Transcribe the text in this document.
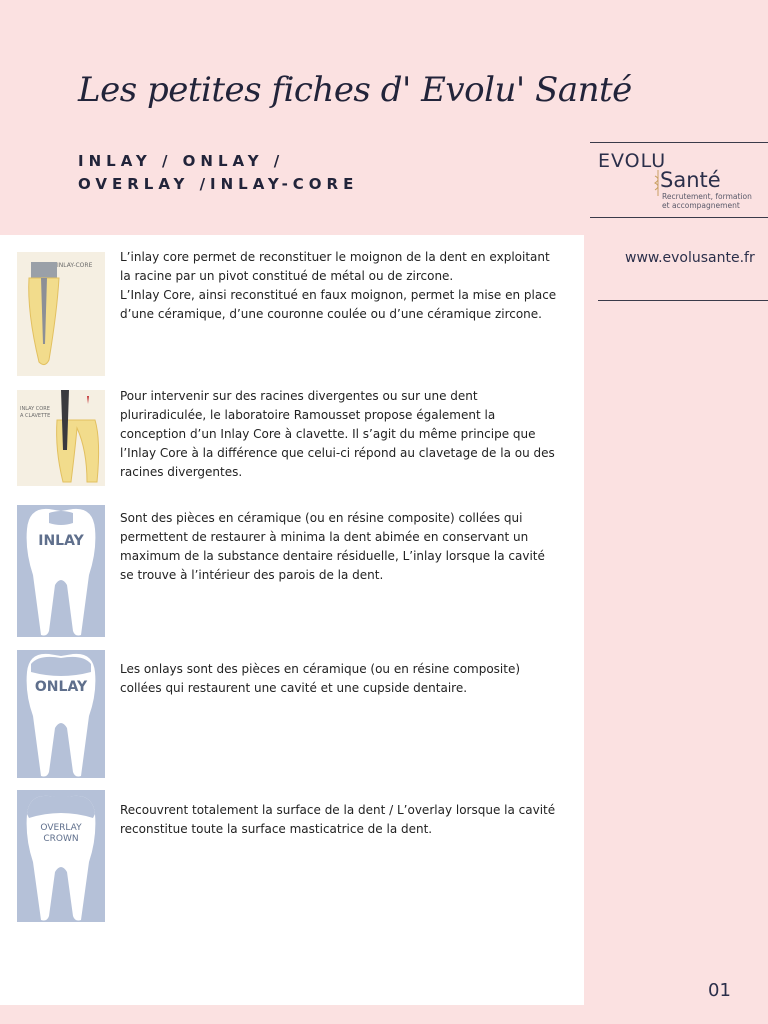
Les petites fiches d' Evolu' Santé
INLAY / ONLAY /
OVERLAY /INLAY-CORE
EVOLU
Santé
Recrutement, formation
et accompagnement
www.evolusante.fr
INLAY-CORE
L’inlay core permet de reconstituer le moignon de la dent en exploitant la racine par un pivot constitué de métal ou de zircone.
L’Inlay Core, ainsi reconstitué en faux moignon, permet la mise en place d’une céramique, d’une couronne coulée ou d’une céramique zircone.
INLAY CORE
A CLAVETTE
Pour intervenir sur des racines divergentes ou sur une dent pluriradiculée, le laboratoire Ramousset propose également la conception d’un Inlay Core à clavette. Il s’agit du même principe que l’Inlay Core à la différence que celui-ci répond au clavetage de la ou des racines divergentes.
INLAY
Sont des pièces en céramique (ou en résine composite) collées qui permettent de restaurer à minima la dent abimée en conservant un maximum de la substance dentaire résiduelle, L’inlay lorsque la cavité se trouve à l’intérieur des parois de la dent.
ONLAY
Les onlays sont des pièces en céramique (ou en résine composite) collées qui restaurent une cavité et une cupside dentaire.
OVERLAY
CROWN
Recouvrent totalement la surface de la dent / L’overlay lorsque la cavité reconstitue toute la surface masticatrice de la dent.
01
